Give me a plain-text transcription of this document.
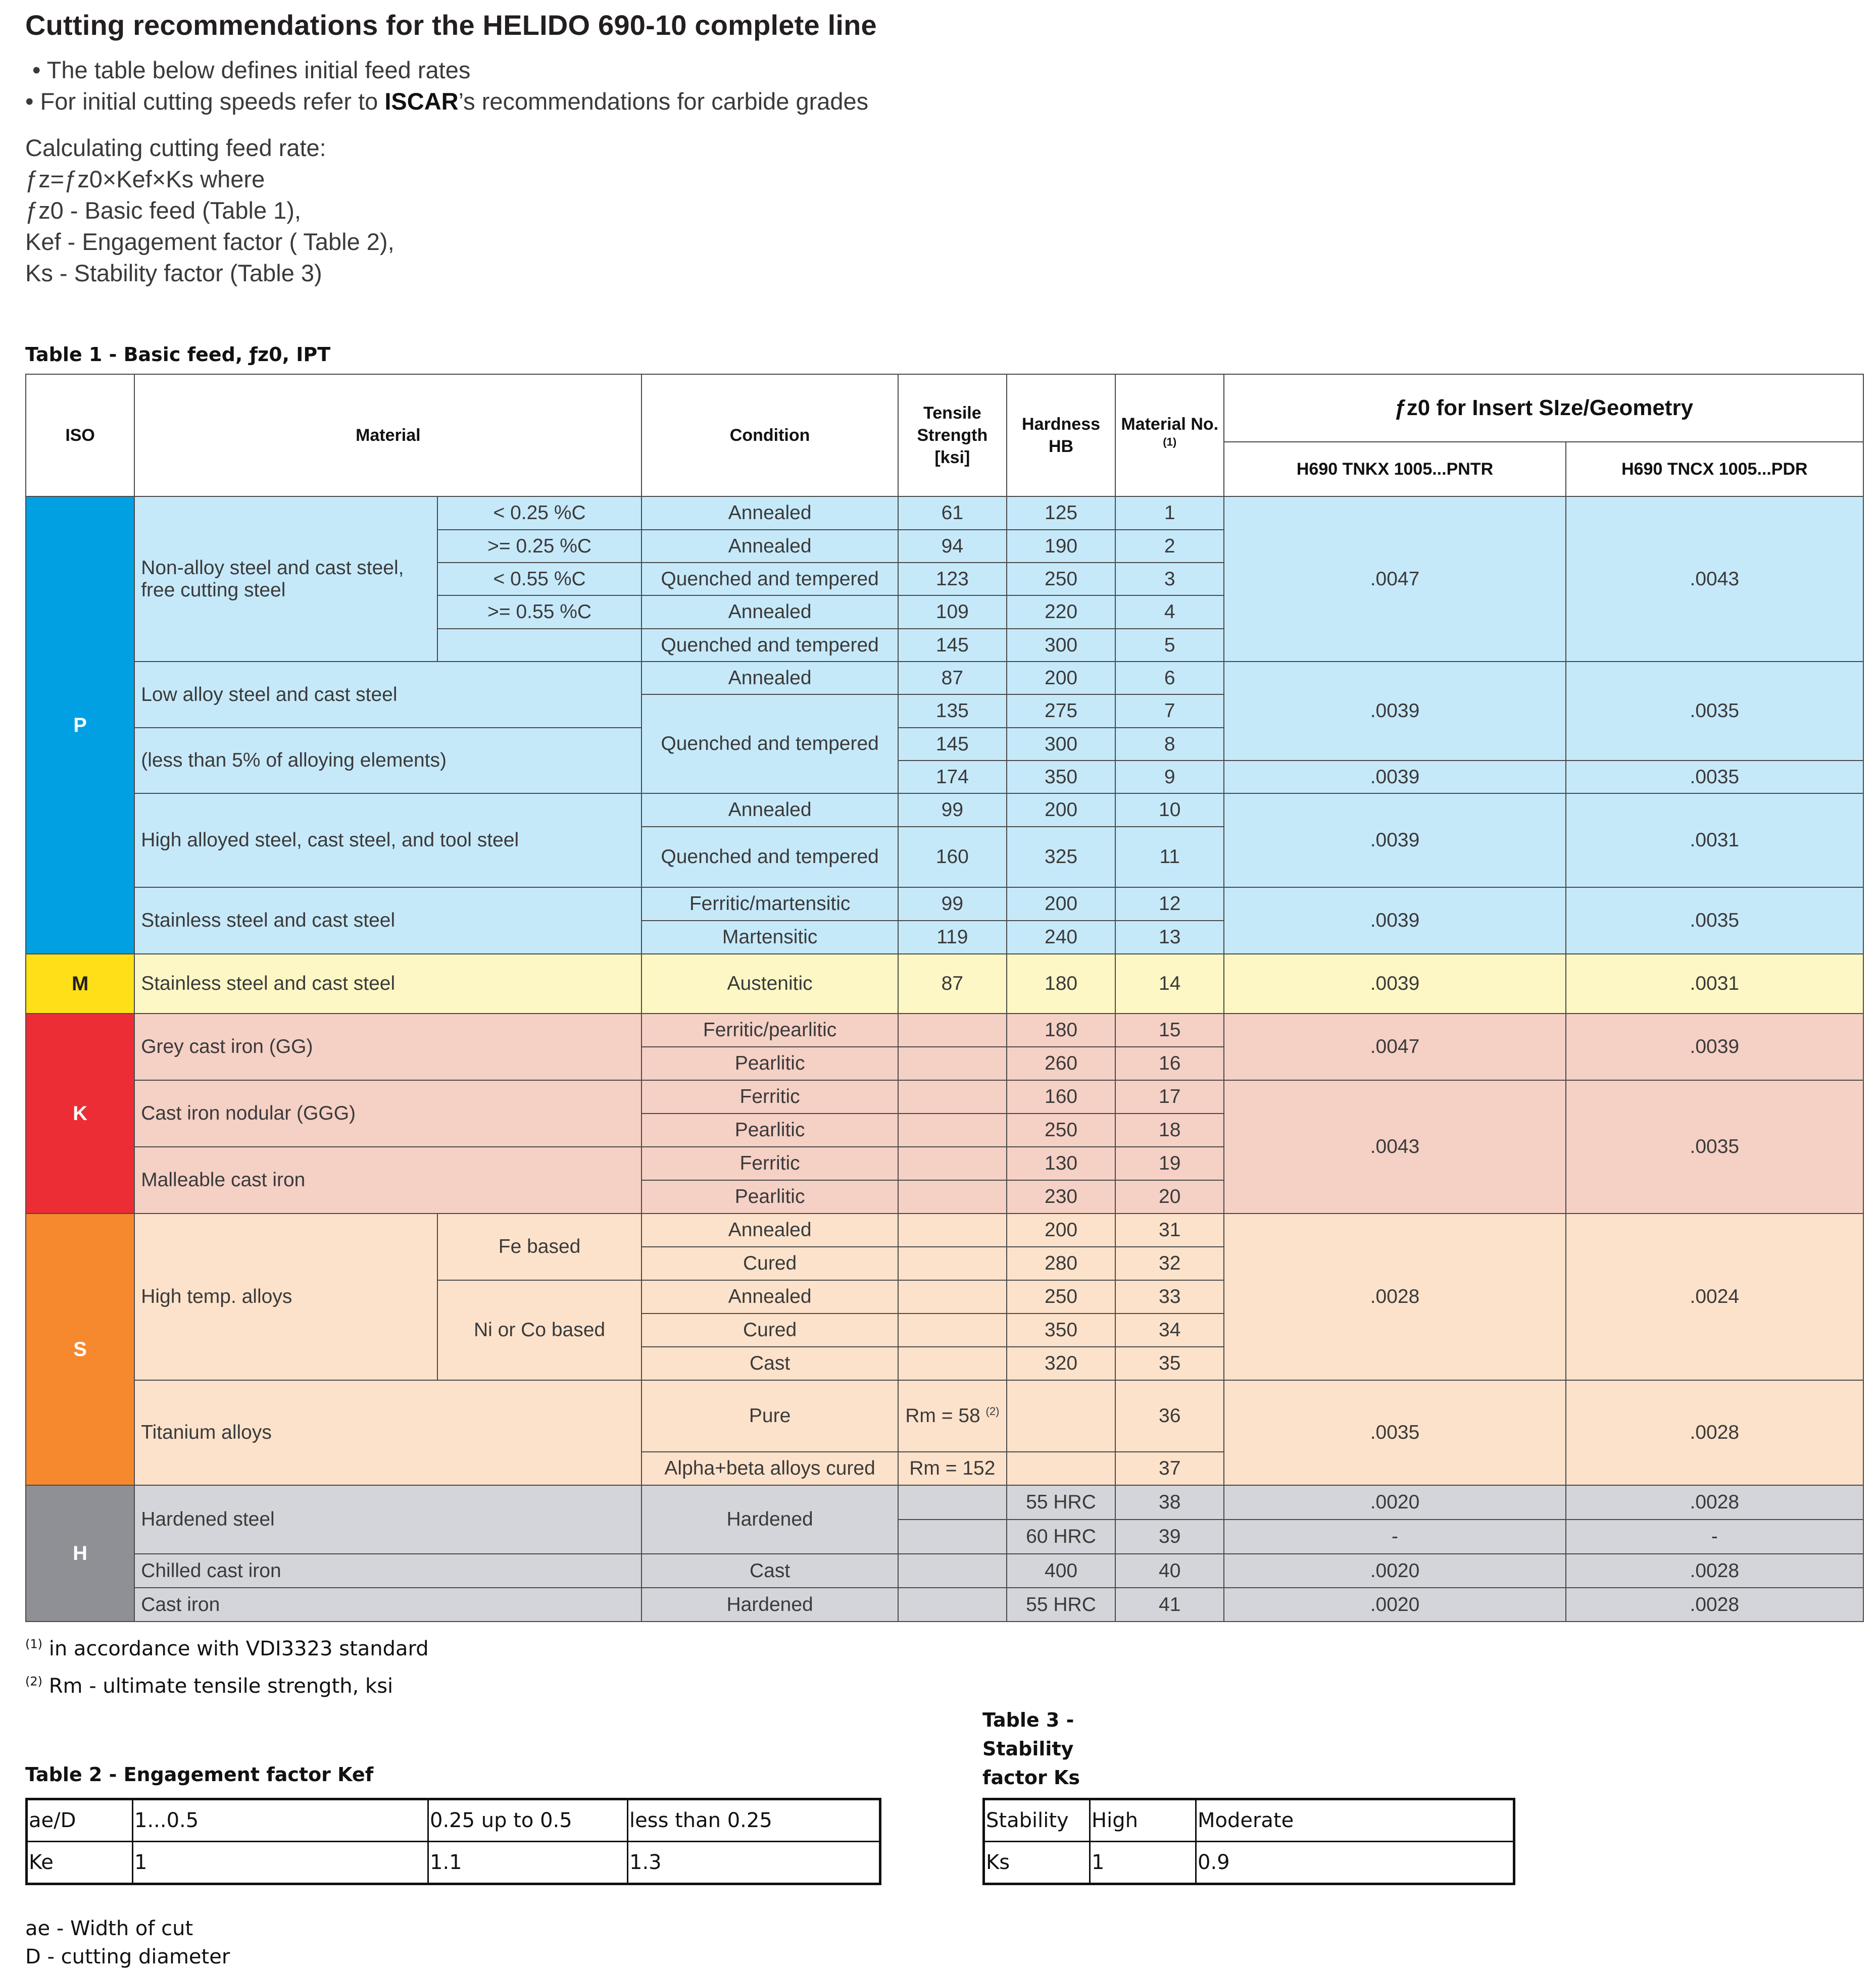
Cutting recommendations for the HELIDO 690-10 complete line
• The table below defines initial feed rates
• For initial cutting speeds refer to ISCAR’s recommendations for carbide grades
Calculating cutting feed rate:
ƒz=ƒz0×Kef×Ks where
ƒz0 - Basic feed (Table 1),
Kef - Engagement factor ( Table 2),
Ks - Stability factor (Table 3)
Table 1 - Basic feed, ƒz0, IPT
ISO	Material		Condition	Tensile Strength [ksi]	Hardness HB	Material No. $^{(1)}$	ƒz0 for Insert SIze/Geometry	
							H690 TNKX 1005...PNTR	H690 TNCX 1005...PDR
P	Non-alloy steel and cast steel, free cutting steel	< 0.25 %C	Annealed	61	125	1	.0047	.0043
		>= 0.25 %C	Annealed	94	190	2		
		< 0.55 %C	Quenched and tempered	123	250	3		
		>= 0.55 %C	Annealed	109	220	4		
			Quenched and tempered	145	300	5		
	Low alloy steel and cast steel		Annealed	87	200	6	.0039	.0035
			Quenched and tempered	135	275	7		
	(less than 5% of alloying elements)			145	300	8		
				174	350	9	.0039	.0035
	High alloyed steel, cast steel, and tool steel		Annealed	99	200	10	.0039	.0031
			Quenched and tempered	160	325	11		
	Stainless steel and cast steel		Ferritic/martensitic	99	200	12	.0039	.0035
			Martensitic	119	240	13		

M	Stainless steel and cast steel		Austenitic	87	180	14	.0039	.0031
K	Grey cast iron (GG)		Ferritic/pearlitic		180	15	.0047	.0039
			Pearlitic		260	16		
	Cast iron nodular (GGG)		Ferritic		160	17	.0043	.0035
			Pearlitic		250	18		
	Malleable cast iron		Ferritic		130	19		
			Pearlitic		230	20		
S	High temp. alloys	Fe based	Annealed		200	31	.0028	.0024
			Cured		280	32		
		Ni or Co based	Annealed		250	33		
			Cured		350	34		
			Cast		320	35		
	Titanium alloys		Pure	Rm = 58 $^{(2)}$		36	.0035	.0028
			Alpha+beta alloys cured	Rm = 152		37		
H	Hardened steel		Hardened		55 HRC	38	.0020	.0028
					60 HRC	39	-	-
	Chilled cast iron		Cast		400	40	.0020	.0028
	Cast iron		Hardened		55 HRC	41	.0020	.0028
$^{(1)}$ in accordance with VDI3323 standard
$^{(2)}$ Rm - ultimate tensile strength, ksi
Table 2 - Engagement factor Kef
ae/D	1...0.5	0.25 up to 0.5	less than 0.25
Ke	1	1.1	1.3
Table 3 -
Stability
factor Ks
Stability	High	Moderate
Ks	1	0.9
ae - Width of cut
D - cutting diameter
